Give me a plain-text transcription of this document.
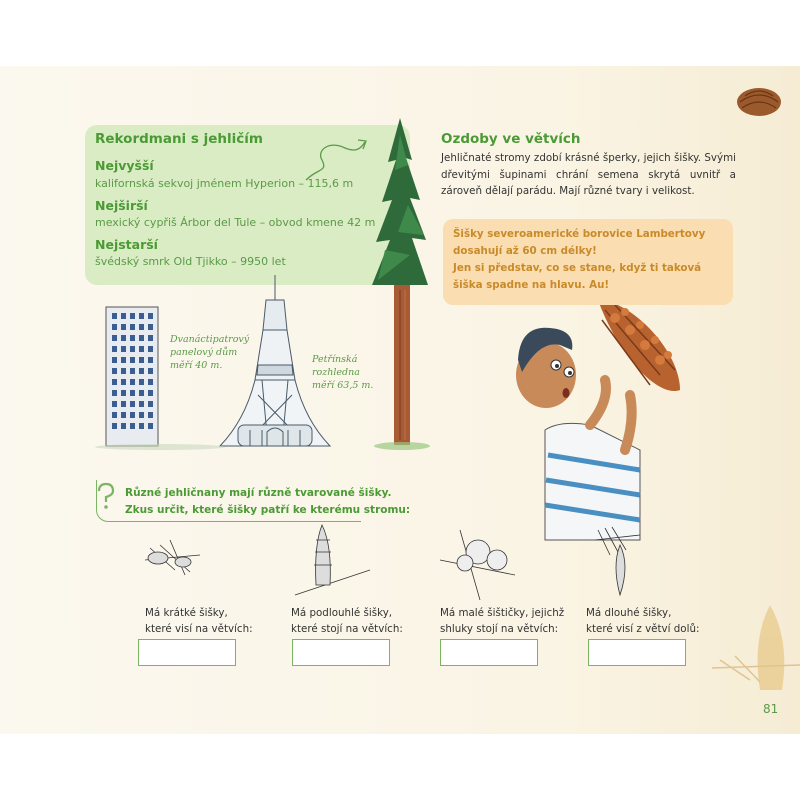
Rekordmani s jehličím
Nejvyšší
kalifornská sekvoj jménem Hyperion – 115,6 m
Nejširší
mexický cypřiš Árbor del Tule – obvod kmene 42 m
Nejstarší
švédský smrk Old Tjikko – 9950 let
Dvanáctipatrový
panelový dům
měří 40 m.
Petřínská
rozhledna
měří 63,5 m.
Ozdoby ve větvích
Jehličnaté stromy zdobí krásné šperky, jejich šišky. Svými dřevitými šupinami chrání semena skrytá uvnitř a zároveň dělají parádu. Mají různé tvary i velikost.

Šišky severoamerické borovice Lambertovy dosahují až 60 cm délky!

Jen si představ, co se stane, když ti taková šiška spadne na hlavu. Au!

Různé jehličnany mají různě tvarované šišky.
Zkus určit, které šišky patří ke kterému stromu:
Má krátké šišky,
které visí na větvích:
Má podlouhlé šišky,
které stojí na větvích:
Má malé šištičky, jejichž
shluky stojí na větvích:
Má dlouhé šišky,
které visí z větví dolů:
81
